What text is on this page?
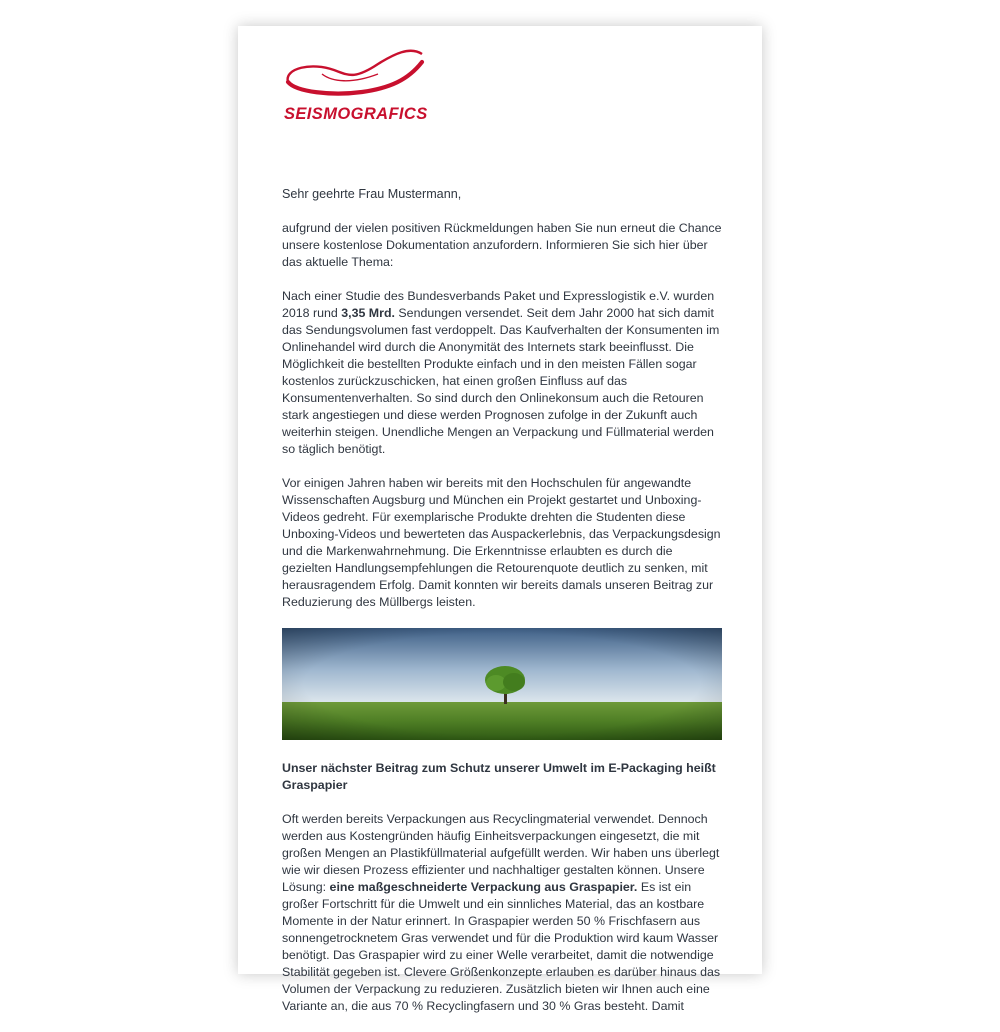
SEISMOGRAFICS

Sehr geehrte Frau Mustermann,

aufgrund der vielen positiven Rückmeldungen haben Sie nun erneut die Chance unsere kostenlose Dokumentation anzufordern. Informieren Sie sich hier über das aktuelle Thema:

Nach einer Studie des Bundesverbands Paket und Expresslogistik e.V. wurden 2018 rund 3,35 Mrd. Sendungen versendet. Seit dem Jahr 2000 hat sich damit das Sendungsvolumen fast verdoppelt. Das Kaufverhalten der Konsumenten im Onlinehandel wird durch die Anonymität des Internets stark beeinflusst. Die Möglichkeit die bestellten Produkte einfach und in den meisten Fällen sogar kostenlos zurückzuschicken, hat einen großen Einfluss auf das Konsumentenverhalten. So sind durch den Onlinekonsum auch die Retouren stark angestiegen und diese werden Prognosen zufolge in der Zukunft auch weiterhin steigen. Unendliche Mengen an Verpackung und Füllmaterial werden so täglich benötigt.

Vor einigen Jahren haben wir bereits mit den Hochschulen für angewandte Wissenschaften Augsburg und München ein Projekt gestartet und Unboxing-Videos gedreht. Für exemplarische Produkte drehten die Studenten diese Unboxing-Videos und bewerteten das Auspackerlebnis, das Verpackungsdesign und die Markenwahrnehmung. Die Erkenntnisse erlaubten es durch die gezielten Handlungsempfehlungen die Retourenquote deutlich zu senken, mit herausragendem Erfolg. Damit konnten wir bereits damals unseren Beitrag zur Reduzierung des Müllbergs leisten.

Unser nächster Beitrag zum Schutz unserer Umwelt im E-Packaging heißt Graspapier

Oft werden bereits Verpackungen aus Recyclingmaterial verwendet. Dennoch werden aus Kostengründen häufig Einheitsverpackungen eingesetzt, die mit großen Mengen an Plastikfüllmaterial aufgefüllt werden. Wir haben uns überlegt wie wir diesen Prozess effizienter und nachhaltiger gestalten können. Unsere Lösung: eine maßgeschneiderte Verpackung aus Graspapier. Es ist ein großer Fortschritt für die Umwelt und ein sinnliches Material, das an kostbare Momente in der Natur erinnert. In Graspapier werden 50 % Frischfasern aus sonnengetrocknetem Gras verwendet und für die Produktion wird kaum Wasser benötigt. Das Graspapier wird zu einer Welle verarbeitet, damit die notwendige Stabilität gegeben ist. Clevere Größenkonzepte erlauben es darüber hinaus das Volumen der Verpackung zu reduzieren. Zusätzlich bieten wir Ihnen auch eine Variante an, die aus 70 % Recyclingfasern und 30 % Gras besteht. Damit
